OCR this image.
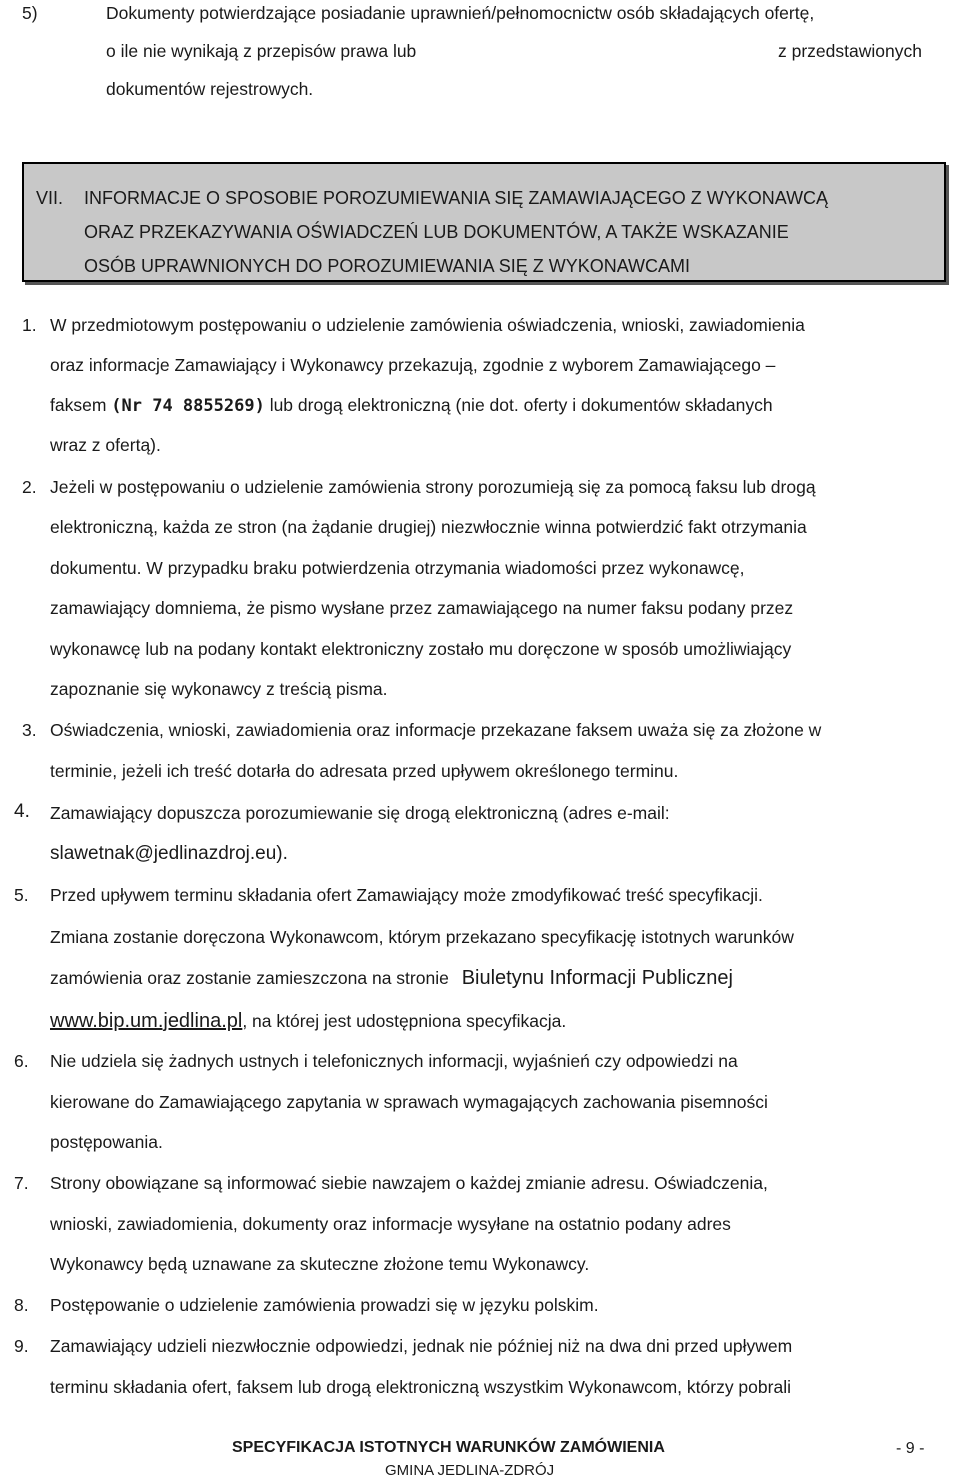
5)	Dokumenty potwierdzające posiadanie uprawnień/pełnomocnictw osób składających ofertę,
o ile nie wynikają z przepisów prawa lub	z przedstawionych
dokumentów rejestrowych.
VII. INFORMACJE O SPOSOBIE POROZUMIEWANIA SIĘ ZAMAWIAJĄCEGO Z WYKONAWCĄ
ORAZ PRZEKAZYWANIA OŚWIADCZEŃ LUB DOKUMENTÓW, A TAKŻE WSKAZANIE
OSÓB UPRAWNIONYCH DO POROZUMIEWANIA SIĘ Z WYKONAWCAMI
1. W przedmiotowym postępowaniu o udzielenie zamówienia oświadczenia, wnioski, zawiadomienia
oraz informacje Zamawiający i Wykonawcy przekazują, zgodnie z wyborem Zamawiającego –
faksem (Nr 74 8855269) lub drogą elektroniczną (nie dot. oferty i dokumentów składanych
wraz z ofertą).
2. Jeżeli w postępowaniu o udzielenie zamówienia strony porozumieją się za pomocą faksu lub drogą
elektroniczną, każda ze stron (na żądanie drugiej) niezwłocznie winna potwierdzić fakt otrzymania
dokumentu. W przypadku braku potwierdzenia otrzymania wiadomości przez wykonawcę,
zamawiający domniema, że pismo wysłane przez zamawiającego na numer faksu podany przez
wykonawcę lub na podany kontakt elektroniczny zostało mu doręczone w sposób umożliwiający
zapoznanie się wykonawcy z treścią pisma.
3. Oświadczenia, wnioski, zawiadomienia oraz informacje przekazane faksem uważa się za złożone w
terminie, jeżeli ich treść dotarła do adresata przed upływem określonego terminu.
4. Zamawiający dopuszcza porozumiewanie się drogą elektroniczną (adres e-mail:
slawetnak@jedlinazdroj.eu).
5. Przed upływem terminu składania ofert Zamawiający może zmodyfikować treść specyfikacji.
Zmiana zostanie doręczona Wykonawcom, którym przekazano specyfikację istotnych warunków
zamówienia oraz zostanie zamieszczona na stronie Biuletynu Informacji Publicznej
www.bip.um.jedlina.pl, na której jest udostępniona specyfikacja.
6. Nie udziela się żadnych ustnych i telefonicznych informacji, wyjaśnień czy odpowiedzi na
kierowane do Zamawiającego zapytania w sprawach wymagających zachowania pisemności
postępowania.
7. Strony obowiązane są informować siebie nawzajem o każdej zmianie adresu. Oświadczenia,
wnioski, zawiadomienia, dokumenty oraz informacje wysyłane na ostatnio podany adres
Wykonawcy będą uznawane za skuteczne złożone temu Wykonawcy.
8. Postępowanie o udzielenie zamówienia prowadzi się w języku polskim.
9. Zamawiający udzieli niezwłocznie odpowiedzi, jednak nie później niż na dwa dni przed upływem
terminu składania ofert, faksem lub drogą elektroniczną wszystkim Wykonawcom, którzy pobrali
SPECYFIKACJA ISTOTNYCH WARUNKÓW ZAMÓWIENIA	- 9 -
GMINA JEDLINA-ZDRÓJ
